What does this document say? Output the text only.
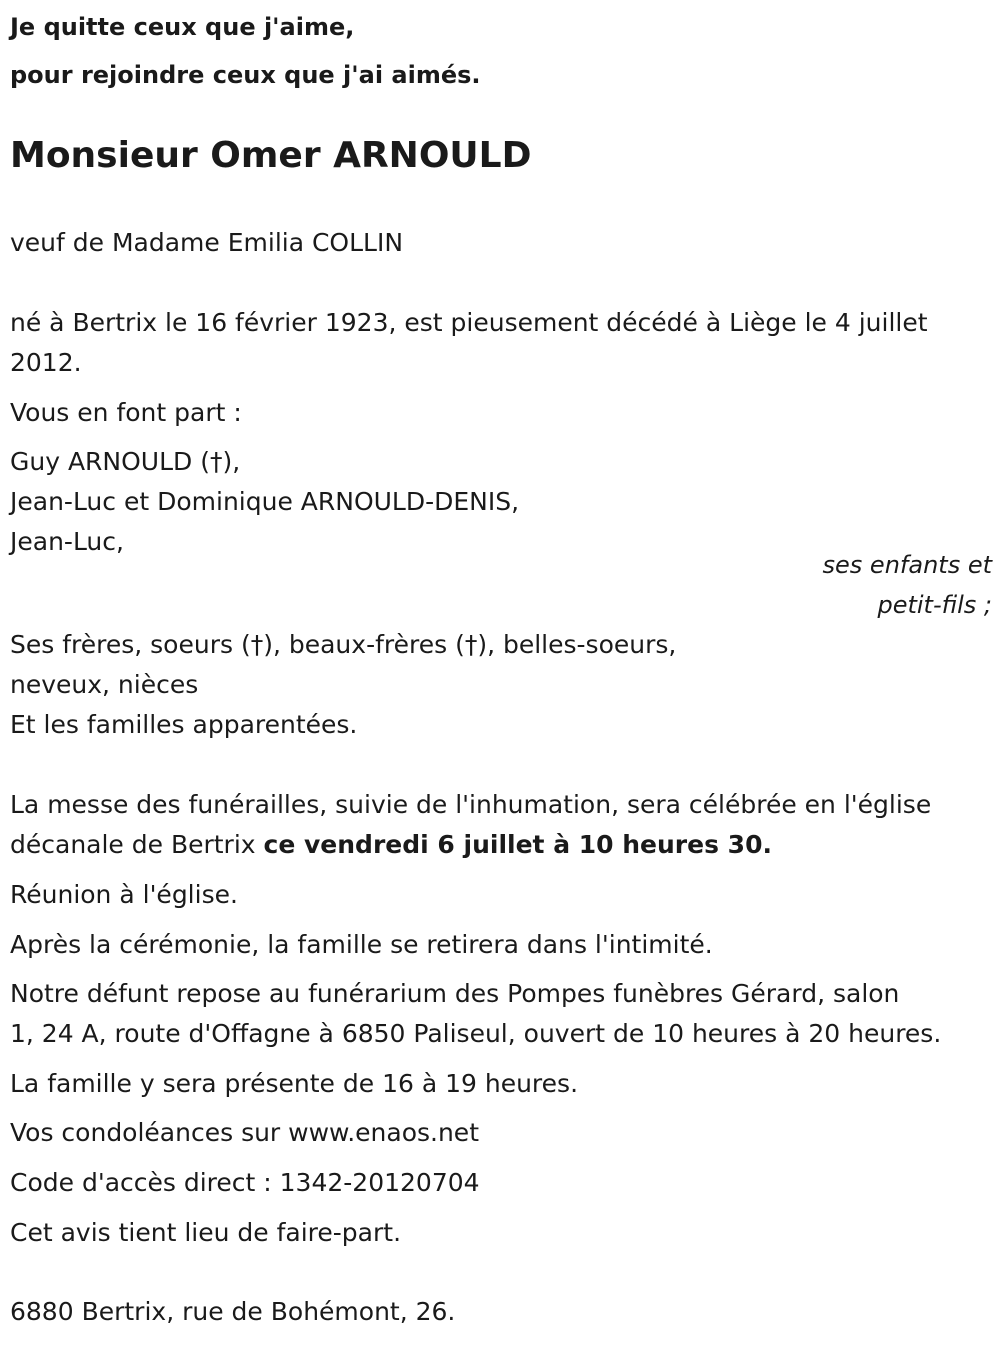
Je quitte ceux que j'aime,
pour rejoindre ceux que j'ai aimés.
Monsieur Omer ARNOULD
veuf de Madame Emilia COLLIN
né à Bertrix le 16 février 1923, est pieusement décédé à Liège le 4 juillet
2012.
Vous en font part :
Guy ARNOULD (†),
Jean-Luc et Dominique ARNOULD-DENIS,
Jean-Luc,
ses enfants et
petit-fils ;
Ses frères, soeurs (†), beaux-frères (†), belles-soeurs,
neveux, nièces
Et les familles apparentées.
La messe des funérailles, suivie de l'inhumation, sera célébrée en l'église
décanale de Bertrix ce vendredi 6 juillet à 10 heures 30.
Réunion à l'église.
Après la cérémonie, la famille se retirera dans l'intimité.
Notre défunt repose au funérarium des Pompes funèbres Gérard, salon
1, 24 A, route d'Offagne à 6850 Paliseul, ouvert de 10 heures à 20 heures.
La famille y sera présente de 16 à 19 heures.
Vos condoléances sur www.enaos.net
Code d'accès direct : 1342-20120704
Cet avis tient lieu de faire-part.
6880 Bertrix, rue de Bohémont, 26.
